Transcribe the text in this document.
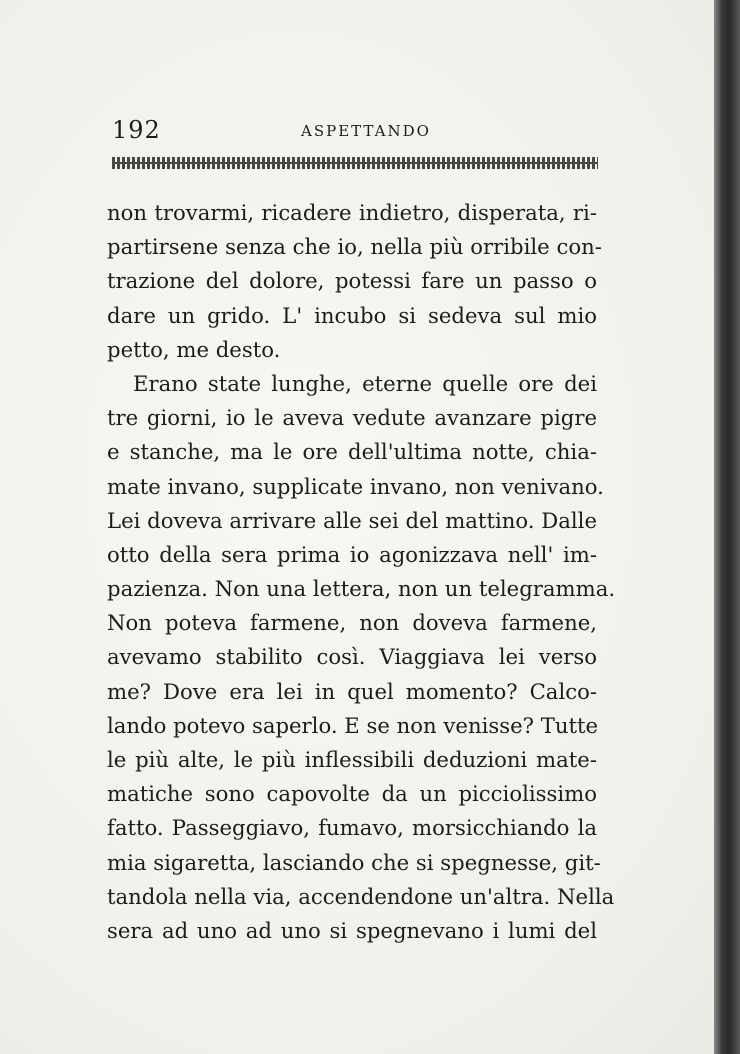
192	ASPETTANDO
non trovarmi, ricadere indietro, disperata, ri-
partirsene senza che io, nella più orribile con-
trazione del dolore, potessi fare un passo o
dare un grido. L' incubo si sedeva sul mio
petto, me desto.
Erano state lunghe, eterne quelle ore dei
tre giorni, io le aveva vedute avanzare pigre
e stanche, ma le ore dell'ultima notte, chia-
mate invano, supplicate invano, non venivano.
Lei doveva arrivare alle sei del mattino. Dalle
otto della sera prima io agonizzava nell' im-
pazienza. Non una lettera, non un telegramma.
Non poteva farmene, non doveva farmene,
avevamo stabilito così. Viaggiava lei verso
me? Dove era lei in quel momento? Calco-
lando potevo saperlo. E se non venisse? Tutte
le più alte, le più inflessibili deduzioni mate-
matiche sono capovolte da un picciolissimo
fatto. Passeggiavo, fumavo, morsicchiando la
mia sigaretta, lasciando che si spegnesse, git-
tandola nella via, accendendone un'altra. Nella
sera ad uno ad uno si spegnevano i lumi del
